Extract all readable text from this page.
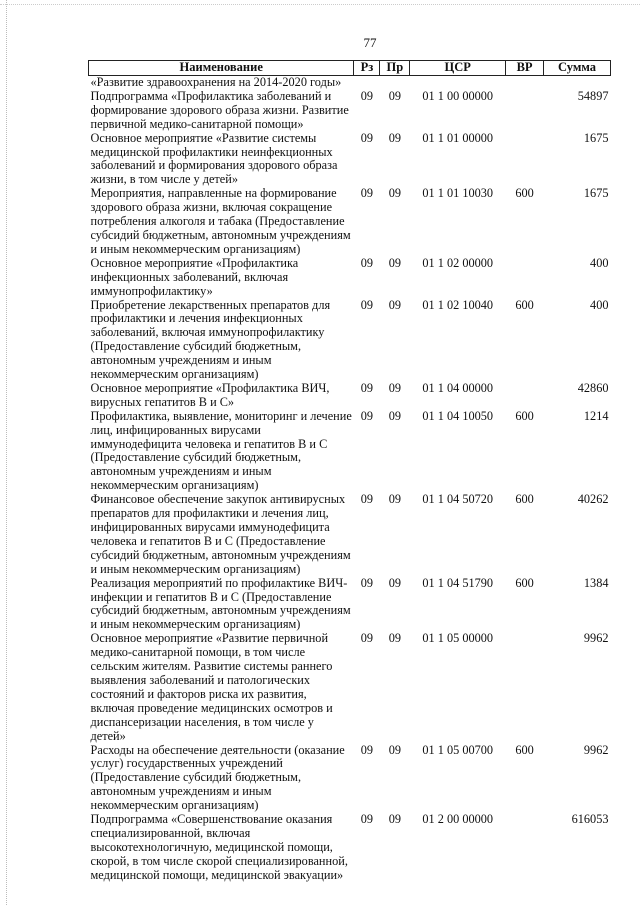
77
Наименование	Рз	Пр	ЦСР	ВР	Сумма
«Развитие здравоохранения на 2014-2020 годы»					
Подпрограмма «Профилактика заболеваний и формирование здорового образа жизни. Развитие первичной медико-санитарной помощи»	09	09	01 1 00 00000		54897
Основное мероприятие «Развитие системы медицинской профилактики неинфекционных заболеваний и формирования здорового образа жизни, в том числе у детей»	09	09	01 1 01 00000		1675
Мероприятия, направленные на формирование здорового образа жизни, включая сокращение потребления алкоголя и табака (Предоставление субсидий бюджетным, автономным учреждениям и иным некоммерческим организациям)	09	09	01 1 01 10030	600	1675
Основное мероприятие «Профилактика инфекционных заболеваний, включая иммунопрофилактику»	09	09	01 1 02 00000		400
Приобретение лекарственных препаратов для профилактики и лечения инфекционных заболеваний, включая иммунопрофилактику (Предоставление субсидий бюджетным, автономным учреждениям и иным некоммерческим организациям)	09	09	01 1 02 10040	600	400
Основное мероприятие «Профилактика ВИЧ, вирусных гепатитов В и С»	09	09	01 1 04 00000		42860
Профилактика, выявление, мониторинг и лечение лиц, инфицированных вирусами иммунодефицита человека и гепатитов В и С (Предоставление субсидий бюджетным, автономным учреждениям и иным некоммерческим организациям)	09	09	01 1 04 10050	600	1214
Финансовое обеспечение закупок антивирусных препаратов для профилактики и лечения лиц, инфицированных вирусами иммунодефицита человека и гепатитов В и С (Предоставление субсидий бюджетным, автономным учреждениям и иным некоммерческим организациям)	09	09	01 1 04 50720	600	40262
Реализация мероприятий по профилактике ВИЧ-инфекции и гепатитов В и С (Предоставление субсидий бюджетным, автономным учреждениям и иным некоммерческим организациям)	09	09	01 1 04 51790	600	1384
Основное мероприятие «Развитие первичной медико-санитарной помощи, в том числе сельским жителям. Развитие системы раннего выявления заболеваний и патологических состояний и факторов риска их развития, включая проведение медицинских осмотров и диспансеризации населения, в том числе у детей»	09	09	01 1 05 00000		9962
Расходы на обеспечение деятельности (оказание услуг) государственных учреждений (Предоставление субсидий бюджетным, автономным учреждениям и иным некоммерческим организациям)	09	09	01 1 05 00700	600	9962
Подпрограмма «Совершенствование оказания специализированной, включая высокотехнологичную, медицинской помощи, скорой, в том числе скорой специализированной, медицинской помощи, медицинской эвакуации»	09	09	01 2 00 00000		616053
